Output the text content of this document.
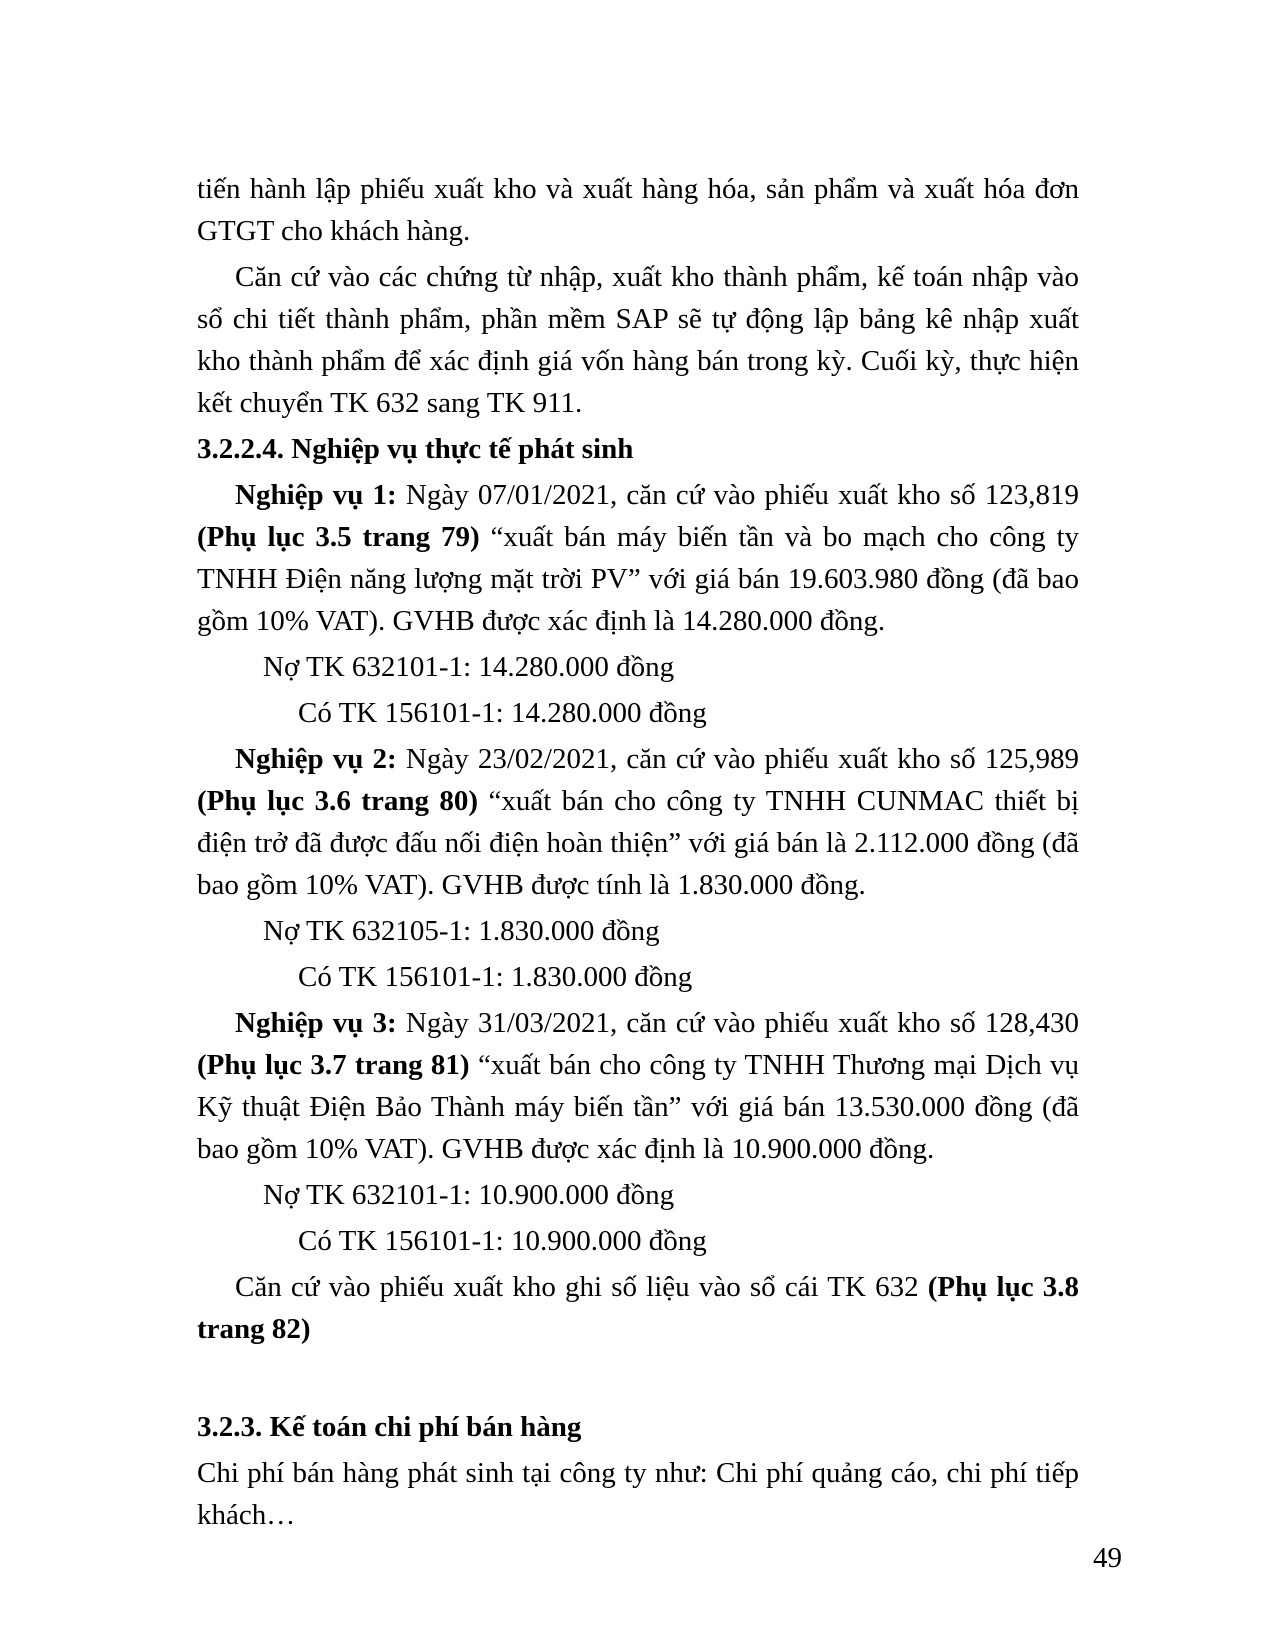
tiến hành lập phiếu xuất kho và xuất hàng hóa, sản phẩm và xuất hóa đơn GTGT cho khách hàng.

Căn cứ vào các chứng từ nhập, xuất kho thành phẩm, kế toán nhập vào sổ chi tiết thành phẩm, phần mềm SAP sẽ tự động lập bảng kê nhập xuất kho thành phẩm để xác định giá vốn hàng bán trong kỳ. Cuối kỳ, thực hiện kết chuyển TK 632 sang TK 911.

3.2.2.4. Nghiệp vụ thực tế phát sinh

Nghiệp vụ 1: Ngày 07/01/2021, căn cứ vào phiếu xuất kho số 123,819 (Phụ lục 3.5 trang 79) “xuất bán máy biến tần và bo mạch cho công ty TNHH Điện năng lượng mặt trời PV” với giá bán 19.603.980 đồng (đã bao gồm 10% VAT). GVHB được xác định là 14.280.000 đồng.

Nợ TK 632101-1: 14.280.000 đồng

Có TK 156101-1: 14.280.000 đồng

Nghiệp vụ 2: Ngày 23/02/2021, căn cứ vào phiếu xuất kho số 125,989 (Phụ lục 3.6 trang 80) “xuất bán cho công ty TNHH CUNMAC thiết bị điện trở đã được đấu nối điện hoàn thiện” với giá bán là 2.112.000 đồng (đã bao gồm 10% VAT). GVHB được tính là 1.830.000 đồng.

Nợ TK 632105-1: 1.830.000 đồng

Có TK 156101-1: 1.830.000 đồng

Nghiệp vụ 3: Ngày 31/03/2021, căn cứ vào phiếu xuất kho số 128,430 (Phụ lục 3.7 trang 81) “xuất bán cho công ty TNHH Thương mại Dịch vụ Kỹ thuật Điện Bảo Thành máy biến tần” với giá bán 13.530.000 đồng (đã bao gồm 10% VAT). GVHB được xác định là 10.900.000 đồng.

Nợ TK 632101-1: 10.900.000 đồng

Có TK 156101-1: 10.900.000 đồng

Căn cứ vào phiếu xuất kho ghi số liệu vào sổ cái TK 632 (Phụ lục 3.8 trang 82)

3.2.3. Kế toán chi phí bán hàng

Chi phí bán hàng phát sinh tại công ty như: Chi phí quảng cáo, chi phí tiếp khách…

49
